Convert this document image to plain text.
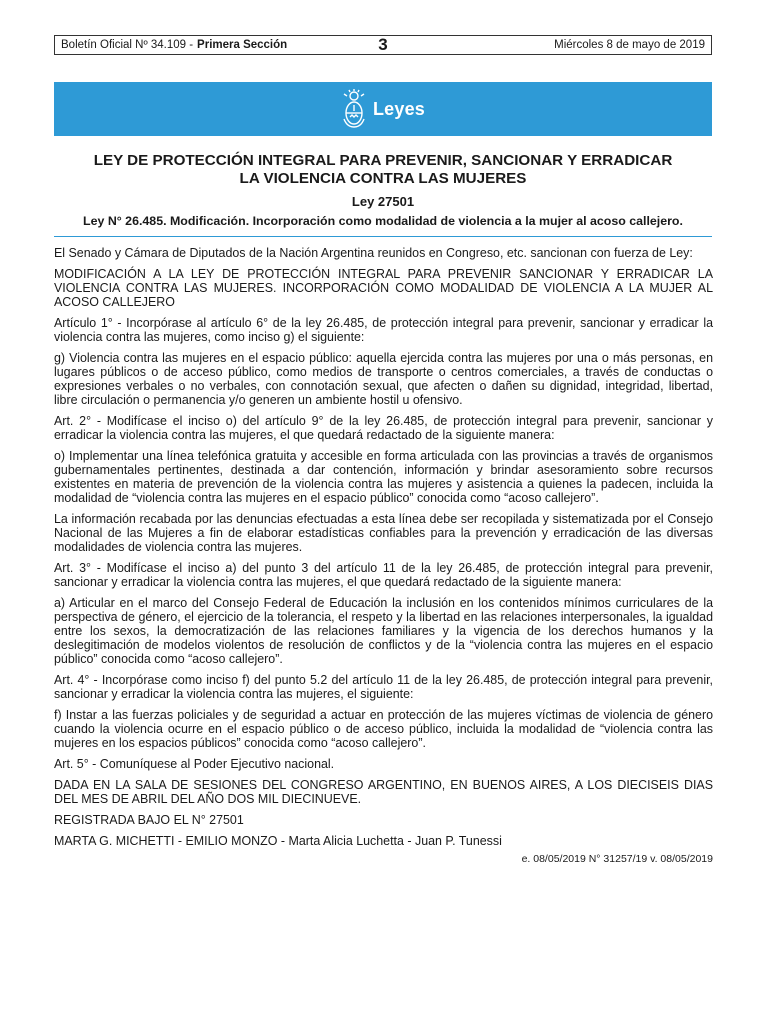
Boletín Oficial Nº 34.109 - Primera Sección	3	Miércoles 8 de mayo de 2019
Leyes

LEY DE PROTECCIÓN INTEGRAL PARA PREVENIR, SANCIONAR Y ERRADICAR
LA VIOLENCIA CONTRA LAS MUJERES

Ley 27501
Ley N° 26.485. Modificación. Incorporación como modalidad de violencia a la mujer al acoso callejero.

El Senado y Cámara de Diputados de la Nación Argentina reunidos en Congreso, etc. sancionan con fuerza de Ley:

MODIFICACIÓN A LA LEY DE PROTECCIÓN INTEGRAL PARA PREVENIR SANCIONAR Y ERRADICAR LA VIOLENCIA CONTRA LAS MUJERES. INCORPORACIÓN COMO MODALIDAD DE VIOLENCIA A LA MUJER AL ACOSO CALLEJERO

Artículo 1° - Incorpórase al artículo 6° de la ley 26.485, de protección integral para prevenir, sancionar y erradicar la violencia contra las mujeres, como inciso g) el siguiente:

g) Violencia contra las mujeres en el espacio público: aquella ejercida contra las mujeres por una o más personas, en lugares públicos o de acceso público, como medios de transporte o centros comerciales, a través de conductas o expresiones verbales o no verbales, con connotación sexual, que afecten o dañen su dignidad, integridad, libertad, libre circulación o permanencia y/o generen un ambiente hostil u ofensivo.

Art. 2° - Modifícase el inciso o) del artículo 9° de la ley 26.485, de protección integral para prevenir, sancionar y erradicar la violencia contra las mujeres, el que quedará redactado de la siguiente manera:

o) Implementar una línea telefónica gratuita y accesible en forma articulada con las provincias a través de organismos gubernamentales pertinentes, destinada a dar contención, información y brindar asesoramiento sobre recursos existentes en materia de prevención de la violencia contra las mujeres y asistencia a quienes la padecen, incluida la modalidad de “violencia contra las mujeres en el espacio público” conocida como “acoso callejero”.

La información recabada por las denuncias efectuadas a esta línea debe ser recopilada y sistematizada por el Consejo Nacional de las Mujeres a fin de elaborar estadísticas confiables para la prevención y erradicación de las diversas modalidades de violencia contra las mujeres.

Art. 3° - Modifícase el inciso a) del punto 3 del artículo 11 de la ley 26.485, de protección integral para prevenir, sancionar y erradicar la violencia contra las mujeres, el que quedará redactado de la siguiente manera:

a) Articular en el marco del Consejo Federal de Educación la inclusión en los contenidos mínimos curriculares de la perspectiva de género, el ejercicio de la tolerancia, el respeto y la libertad en las relaciones interpersonales, la igualdad entre los sexos, la democratización de las relaciones familiares y la vigencia de los derechos humanos y la deslegitimación de modelos violentos de resolución de conflictos y de la “violencia contra las mujeres en el espacio público” conocida como “acoso callejero”.

Art. 4° - Incorpórase como inciso f) del punto 5.2 del artículo 11 de la ley 26.485, de protección integral para prevenir, sancionar y erradicar la violencia contra las mujeres, el siguiente:

f) Instar a las fuerzas policiales y de seguridad a actuar en protección de las mujeres víctimas de violencia de género cuando la violencia ocurre en el espacio público o de acceso público, incluida la modalidad de “violencia contra las mujeres en los espacios públicos” conocida como “acoso callejero”.

Art. 5° - Comuníquese al Poder Ejecutivo nacional.

DADA EN LA SALA DE SESIONES DEL CONGRESO ARGENTINO, EN BUENOS AIRES, A LOS DIECISEIS DIAS DEL MES DE ABRIL DEL AÑO DOS MIL DIECINUEVE.

REGISTRADA BAJO EL N° 27501

MARTA G. MICHETTI - EMILIO MONZO - Marta Alicia Luchetta - Juan P. Tunessi

e. 08/05/2019 N° 31257/19 v. 08/05/2019
